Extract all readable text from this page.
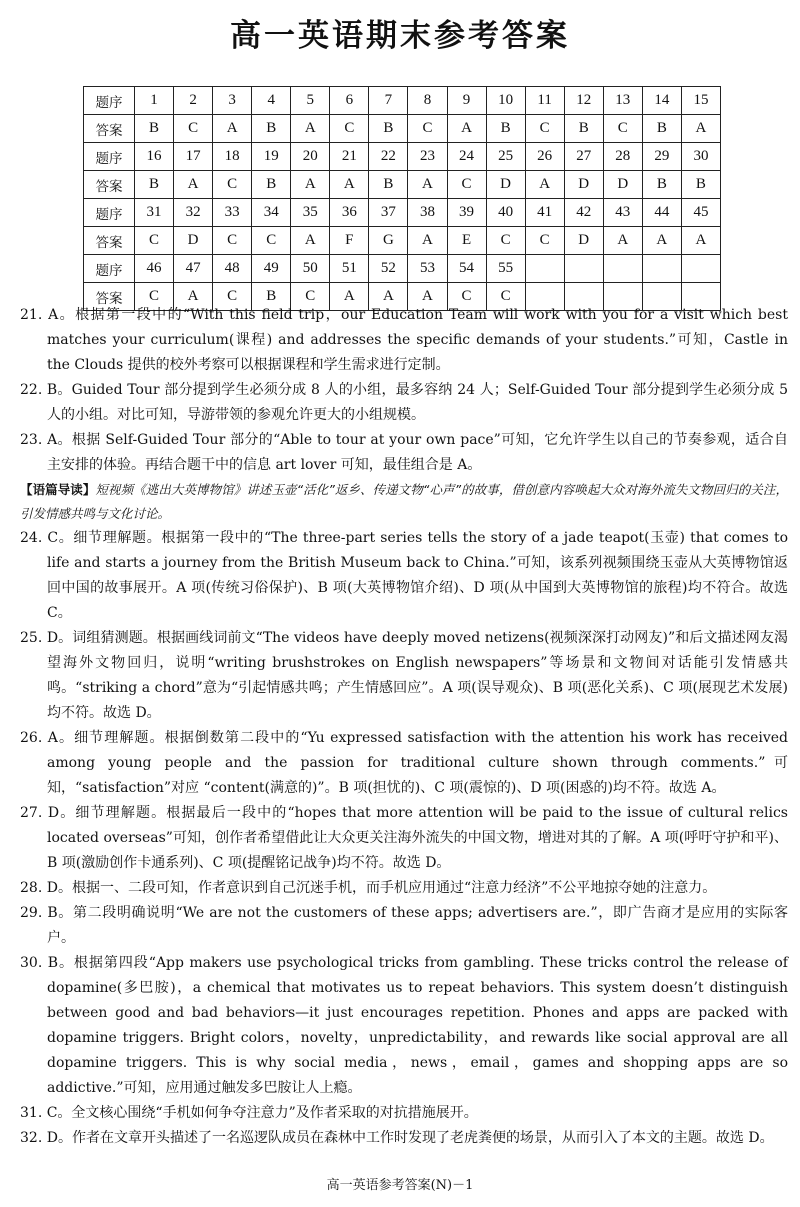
高一英语期末参考答案
题序	1	2	3	4	5	6	7	8	9	10	11	12	13	14	15
答案	B	C	A	B	A	C	B	C	A	B	C	B	C	B	A
题序	16	17	18	19	20	21	22	23	24	25	26	27	28	29	30
答案	B	A	C	B	A	A	B	A	C	D	A	D	D	B	B
题序	31	32	33	34	35	36	37	38	39	40	41	42	43	44	45
答案	C	D	C	C	A	F	G	A	E	C	C	D	A	A	A
题序	46	47	48	49	50	51	52	53	54	55					
答案	C	A	C	B	C	A	A	A	C	C					
21. A。根据第一段中的“With this field trip，our Education Team will work with you for a visit which best matches your curriculum(课程) and addresses the specific demands of your students.”可知，Castle in the Clouds 提供的校外考察可以根据课程和学生需求进行定制。
22. B。Guided Tour 部分提到学生必须分成 8 人的小组，最多容纳 24 人；Self-Guided Tour 部分提到学生必须分成 5 人的小组。对比可知，导游带领的参观允许更大的小组规模。
23. A。根据 Self-Guided Tour 部分的“Able to tour at your own pace”可知，它允许学生以自己的节奏参观，适合自主安排的体验。再结合题干中的信息 art lover 可知，最佳组合是 A。
【语篇导读】短视频《逃出大英博物馆》讲述玉壶“活化”返乡、传递文物“心声”的故事，借创意内容唤起大众对海外流失文物回归的关注，引发情感共鸣与文化讨论。
24. C。细节理解题。根据第一段中的“The three-part series tells the story of a jade teapot(玉壶) that comes to life and starts a journey from the British Museum back to China.”可知，该系列视频围绕玉壶从大英博物馆返回中国的故事展开。A 项(传统习俗保护)、B 项(大英博物馆介绍)、D 项(从中国到大英博物馆的旅程)均不符合。故选 C。
25. D。词组猜测题。根据画线词前文“The videos have deeply moved netizens(视频深深打动网友)”和后文描述网友渴望海外文物回归，说明“writing brushstrokes on English newspapers”等场景和文物间对话能引发情感共鸣。“striking a chord”意为“引起情感共鸣；产生情感回应”。A 项(误导观众)、B 项(恶化关系)、C 项(展现艺术发展)均不符。故选 D。
26. A。细节理解题。根据倒数第二段中的“Yu expressed satisfaction with the attention his work has received among young people and the passion for traditional culture shown through comments.”可知，“satisfaction”对应 “content(满意的)”。B 项(担忧的)、C 项(震惊的)、D 项(困惑的)均不符。故选 A。
27. D。细节理解题。根据最后一段中的“hopes that more attention will be paid to the issue of cultural relics located overseas”可知，创作者希望借此让大众更关注海外流失的中国文物，增进对其的了解。A 项(呼吁守护和平)、B 项(激励创作卡通系列)、C 项(提醒铭记战争)均不符。故选 D。
28. D。根据一、二段可知，作者意识到自己沉迷手机，而手机应用通过“注意力经济”不公平地掠夺她的注意力。
29. B。第二段明确说明“We are not the customers of these apps; advertisers are.”，即广告商才是应用的实际客户。
30. B。根据第四段“App makers use psychological tricks from gambling. These tricks control the release of dopamine(多巴胺)，a chemical that motivates us to repeat behaviors. This system doesn’t distinguish between good and bad behaviors—it just encourages repetition. Phones and apps are packed with dopamine triggers. Bright colors，novelty，unpredictability，and rewards like social approval are all dopamine triggers. This is why social media，news，email，games and shopping apps are so addictive.”可知，应用通过触发多巴胺让人上瘾。
31. C。全文核心围绕“手机如何争夺注意力”及作者采取的对抗措施展开。
32. D。作者在文章开头描述了一名巡逻队成员在森林中工作时发现了老虎粪便的场景，从而引入了本文的主题。故选 D。
高一英语参考答案(N)－1
